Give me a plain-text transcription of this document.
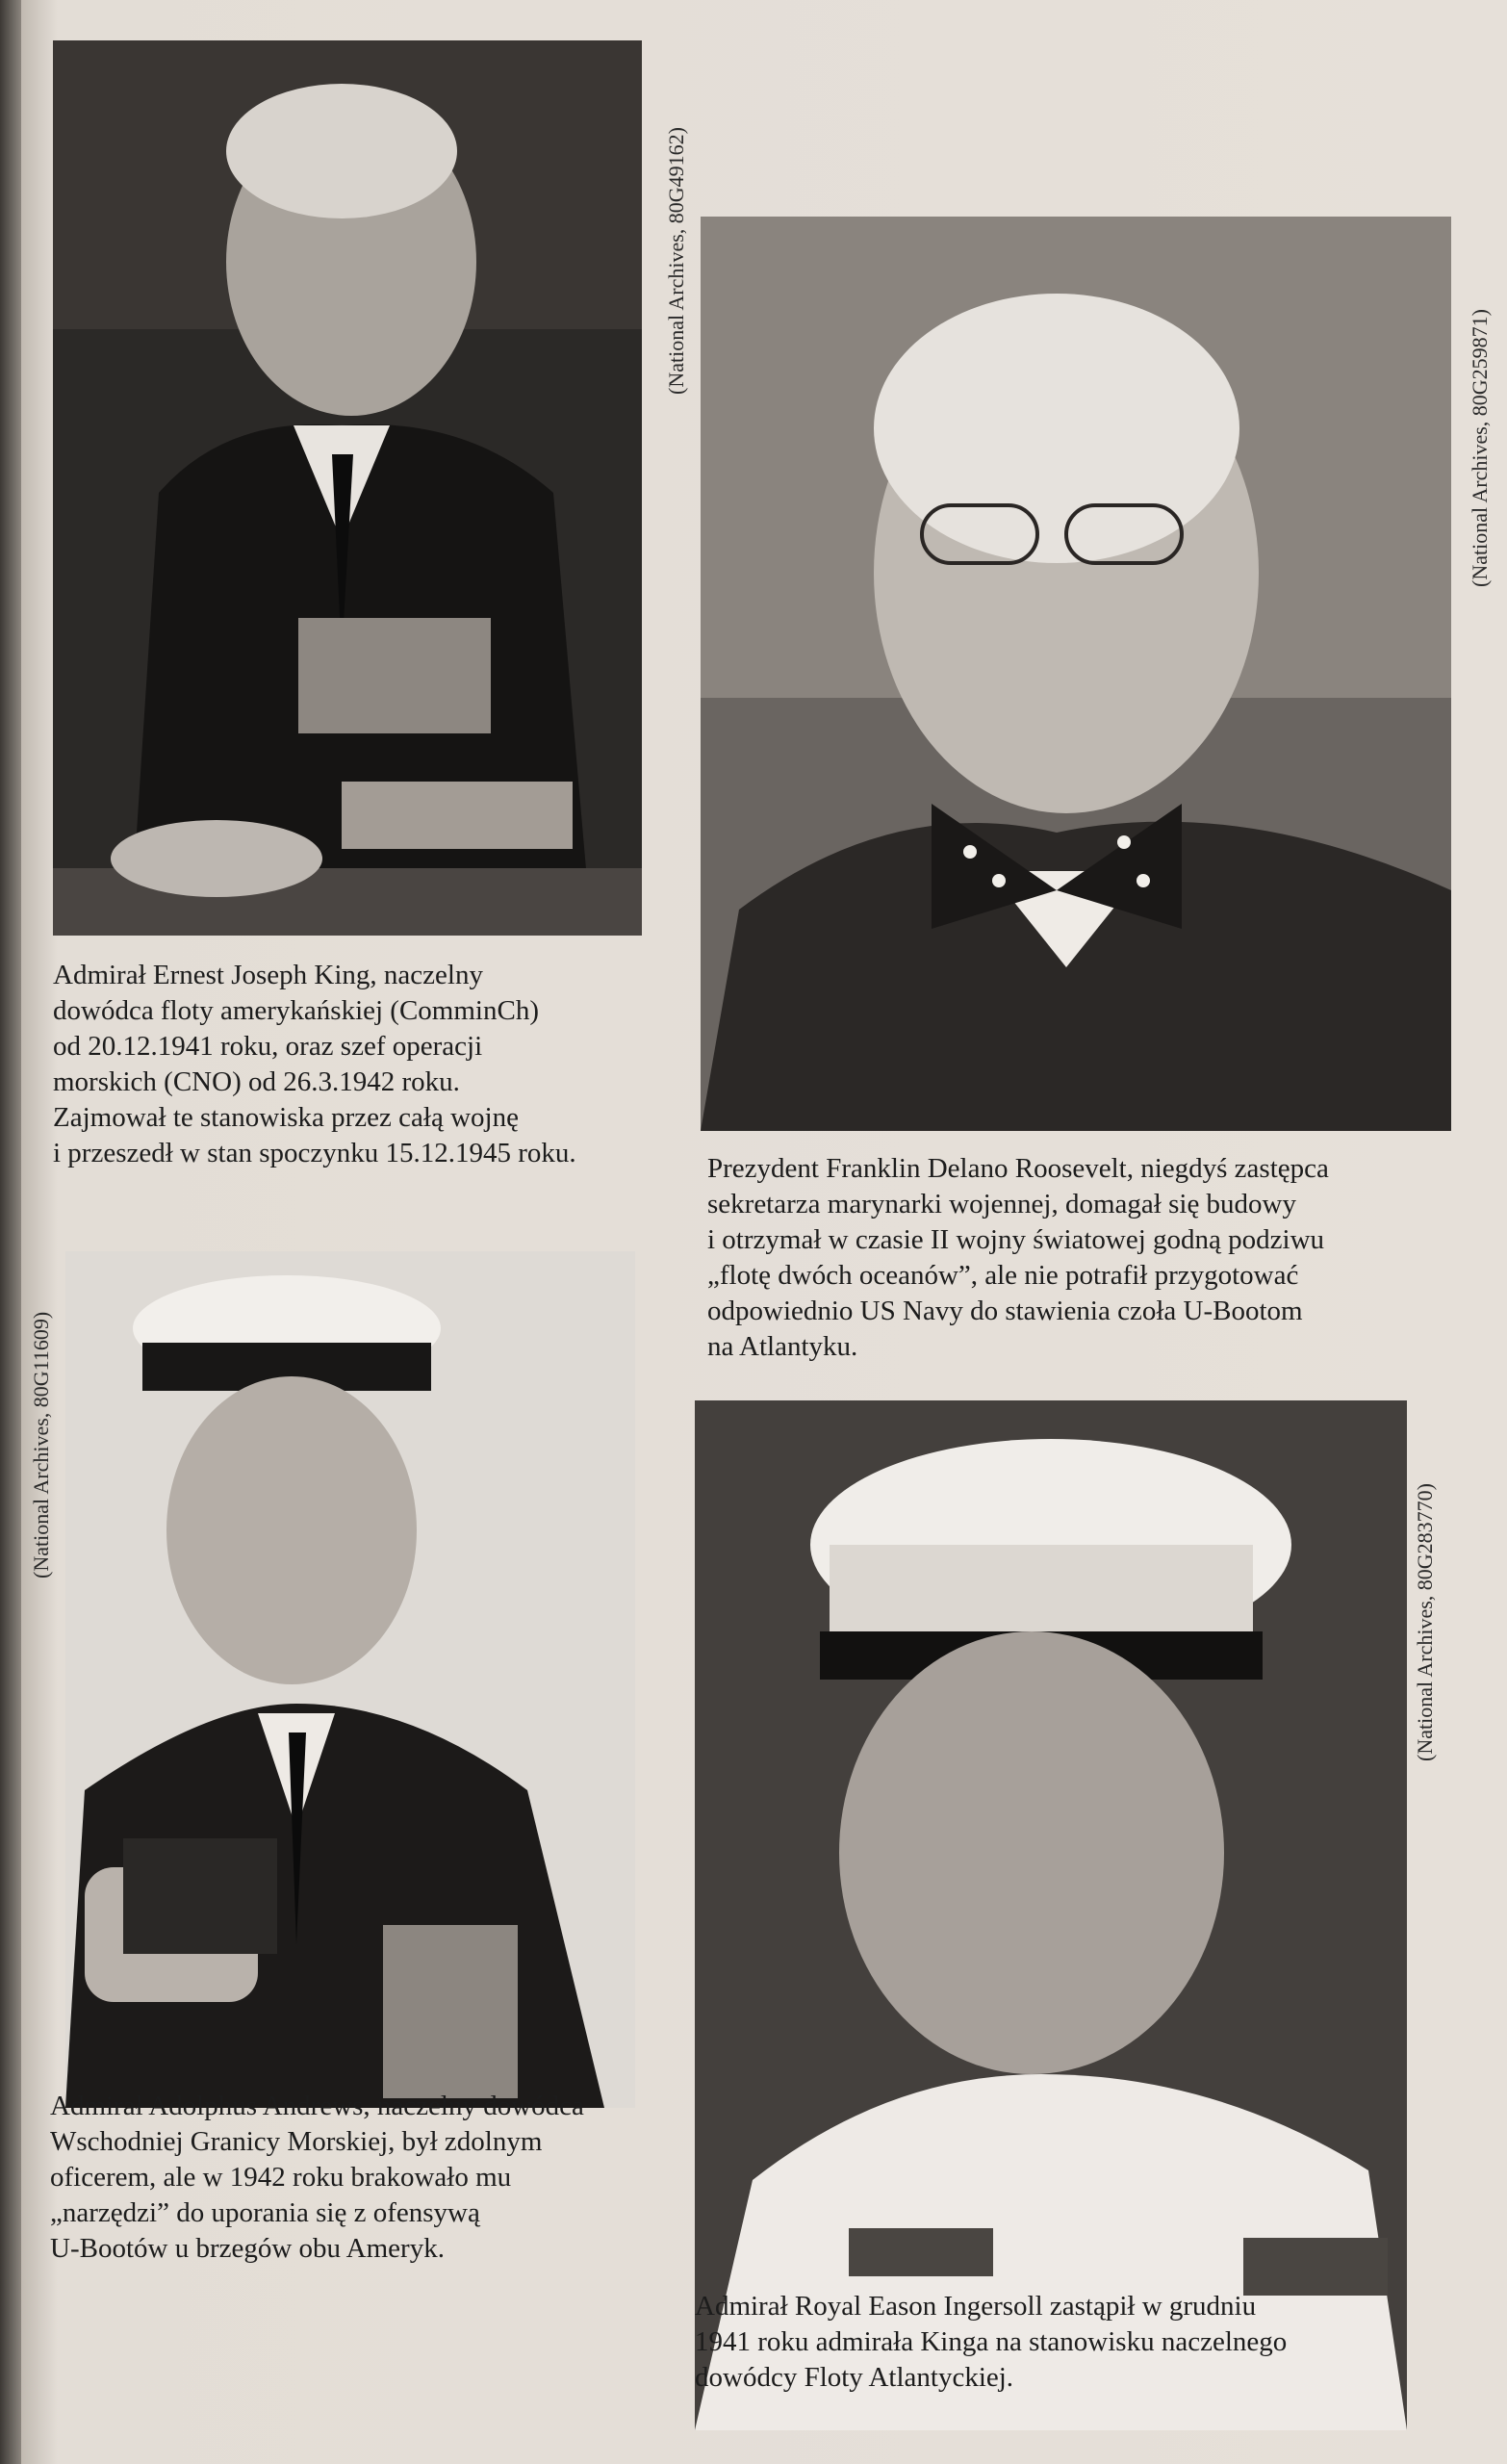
(National Archives, 80G49162)

Admirał Ernest Joseph King, naczelny

dowódca floty amerykańskiej (ComminCh)

od 20.12.1941 roku, oraz szef operacji

morskich (CNO) od 26.3.1942 roku.

Zajmował te stanowiska przez całą wojnę

i przeszedł w stan spoczynku 15.12.1945 roku.

(National Archives, 80G259871)

Prezydent Franklin Delano Roosevelt, niegdyś zastępca

sekretarza marynarki wojennej, domagał się budowy

i otrzymał w czasie II wojny światowej godną podziwu

„flotę dwóch oceanów”, ale nie potrafił przygotować

odpowiednio US Navy do stawienia czoła U-Bootom

na Atlantyku.

(National Archives, 80G11609)

Admirał Adolphus Andrews, naczelny dowódca

Wschodniej Granicy Morskiej, był zdolnym

oficerem, ale w 1942 roku brakowało mu

„narzędzi” do uporania się z ofensywą

U-Bootów u brzegów obu Ameryk.

(National Archives, 80G283770)

Admirał Royal Eason Ingersoll zastąpił w grudniu

1941 roku admirała Kinga na stanowisku naczelnego

dowódcy Floty Atlantyckiej.
